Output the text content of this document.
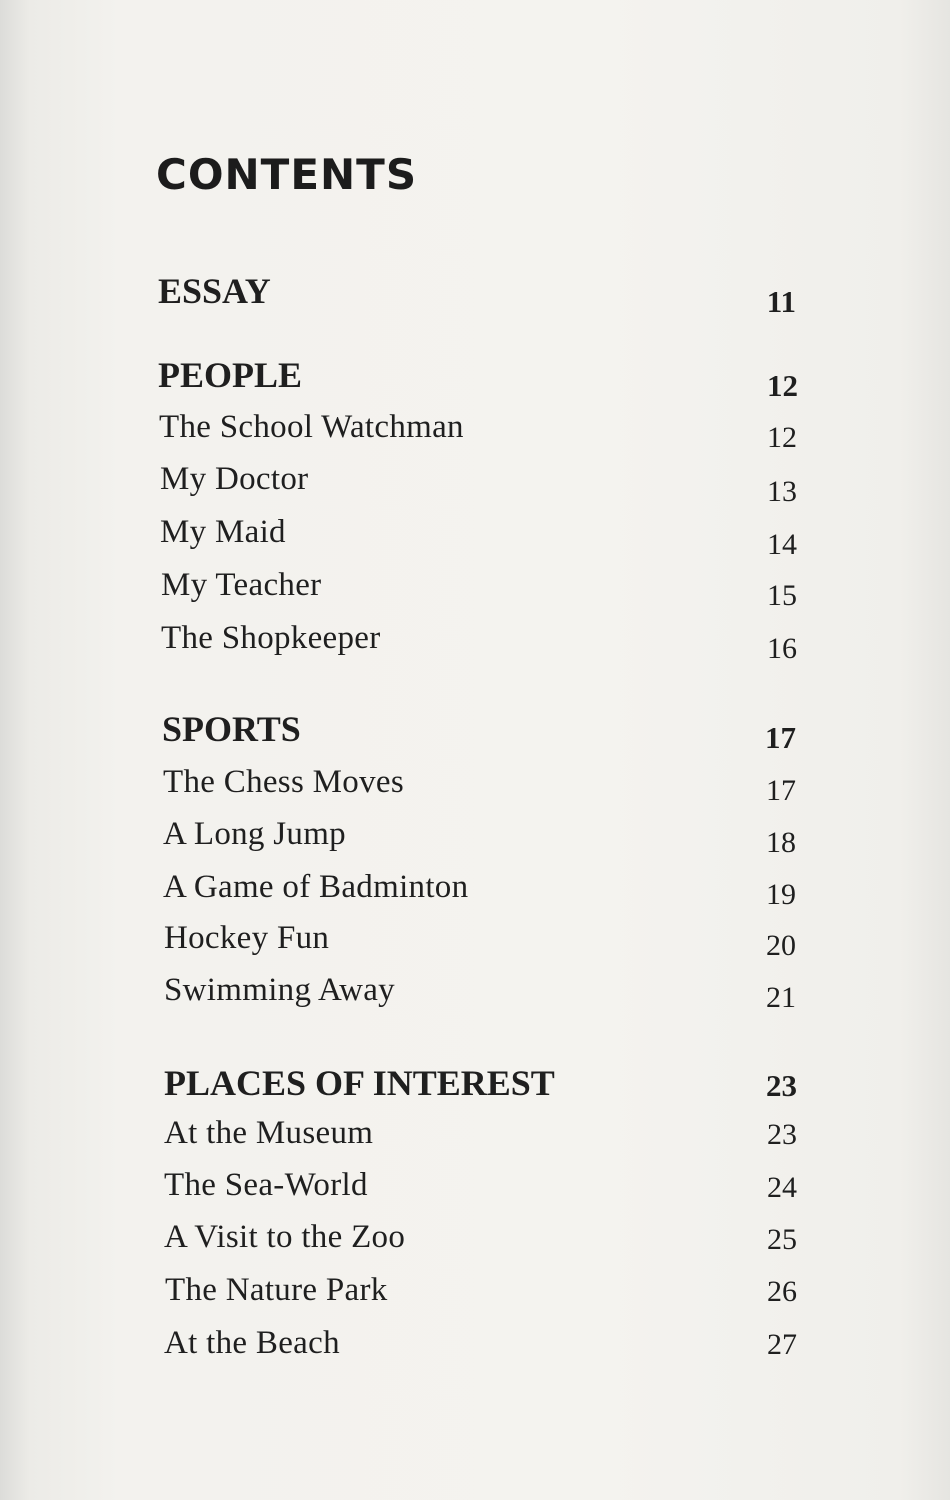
CONTENTS
ESSAY	11
PEOPLE	12
The School Watchman	12
My Doctor	13
My Maid	14
My Teacher	15
The Shopkeeper	16
SPORTS	17
The Chess Moves	17
A Long Jump	18
A Game of Badminton	19
Hockey Fun	20
Swimming Away	21
PLACES OF INTEREST	23
At the Museum	23
The Sea-World	24
A Visit to the Zoo	25
The Nature Park	26
At the Beach	27
